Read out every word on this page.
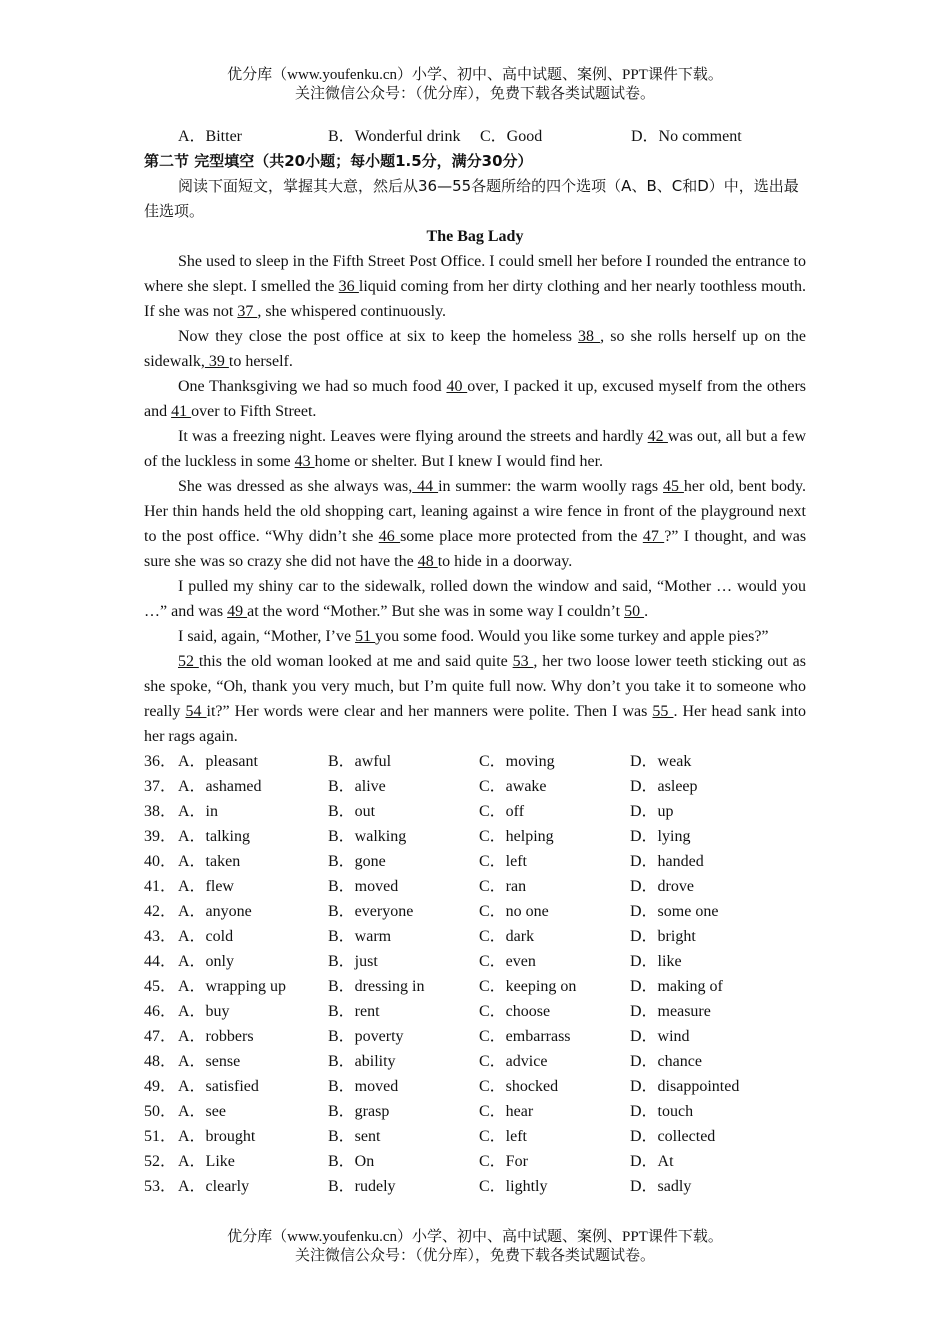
优分库（www.youfenku.cn）小学、初中、高中试题、案例、PPT课件下载。
关注微信公众号：（优分库），免费下载各类试题试卷。
A．Bitter	B．Wonderful drink	C．Good	D．No comment
第二节 完型填空（共20小题；每小题1.5分，满分30分）
阅读下面短文，掌握其大意，然后从36—55各题所给的四个选项（A、B、C和D）中，选出最佳选项。
The Bag Lady

She used to sleep in the Fifth Street Post Office. I could smell her before I rounded the entrance to where she slept. I smelled the 36 liquid coming from her dirty clothing and her nearly toothless mouth. If she was not 37 , she whispered continuously.

Now they close the post office at six to keep the homeless 38 , so she rolls herself up on the sidewalk, 39 to herself.

One Thanksgiving we had so much food 40 over, I packed it up, excused myself from the others and 41 over to Fifth Street.

It was a freezing night. Leaves were flying around the streets and hardly 42 was out, all but a few of the luckless in some 43 home or shelter. But I knew I would find her.

She was dressed as she always was, 44 in summer: the warm woolly rags 45 her old, bent body. Her thin hands held the old shopping cart, leaning against a wire fence in front of the playground next to the post office. “Why didn’t she 46 some place more protected from the 47 ?” I thought, and was sure she was so crazy she did not have the 48 to hide in a doorway.

I pulled my shiny car to the sidewalk, rolled down the window and said, “Mother … would you …” and was 49 at the word “Mother.” But she was in some way I couldn’t 50 .

I said, again, “Mother, I’ve 51 you some food. Would you like some turkey and apple pies?”

52 this the old woman looked at me and said quite 53 , her two loose lower teeth sticking out as she spoke, “Oh, thank you very much, but I’m quite full now. Why don’t you take it to someone who really 54 it?” Her words were clear and her manners were polite. Then I was 55 . Her head sank into her rags again.

36． A．pleasant	B．awful	C．moving	D．weak
37． A．ashamed	B．alive	C．awake	D．asleep
38． A．in	B．out	C．off	D．up
39． A．talking	B．walking	C．helping	D．lying
40． A．taken	B．gone	C．left	D．handed
41． A．flew	B．moved	C．ran	D．drove
42． A．anyone	B．everyone	C．no one	D．some one
43． A．cold	B．warm	C．dark	D．bright
44． A．only	B．just	C．even	D．like
45． A．wrapping up	B．dressing in	C．keeping on	D．making of
46． A．buy	B．rent	C．choose	D．measure
47． A．robbers	B．poverty	C．embarrass	D．wind
48． A．sense	B．ability	C．advice	D．chance
49． A．satisfied	B．moved	C．shocked	D．disappointed
50． A．see	B．grasp	C．hear	D．touch
51． A．brought	B．sent	C．left	D．collected
52． A．Like	B．On	C．For	D．At
53． A．clearly	B．rudely	C．lightly	D．sadly
优分库（www.youfenku.cn）小学、初中、高中试题、案例、PPT课件下载。
关注微信公众号：（优分库），免费下载各类试题试卷。
